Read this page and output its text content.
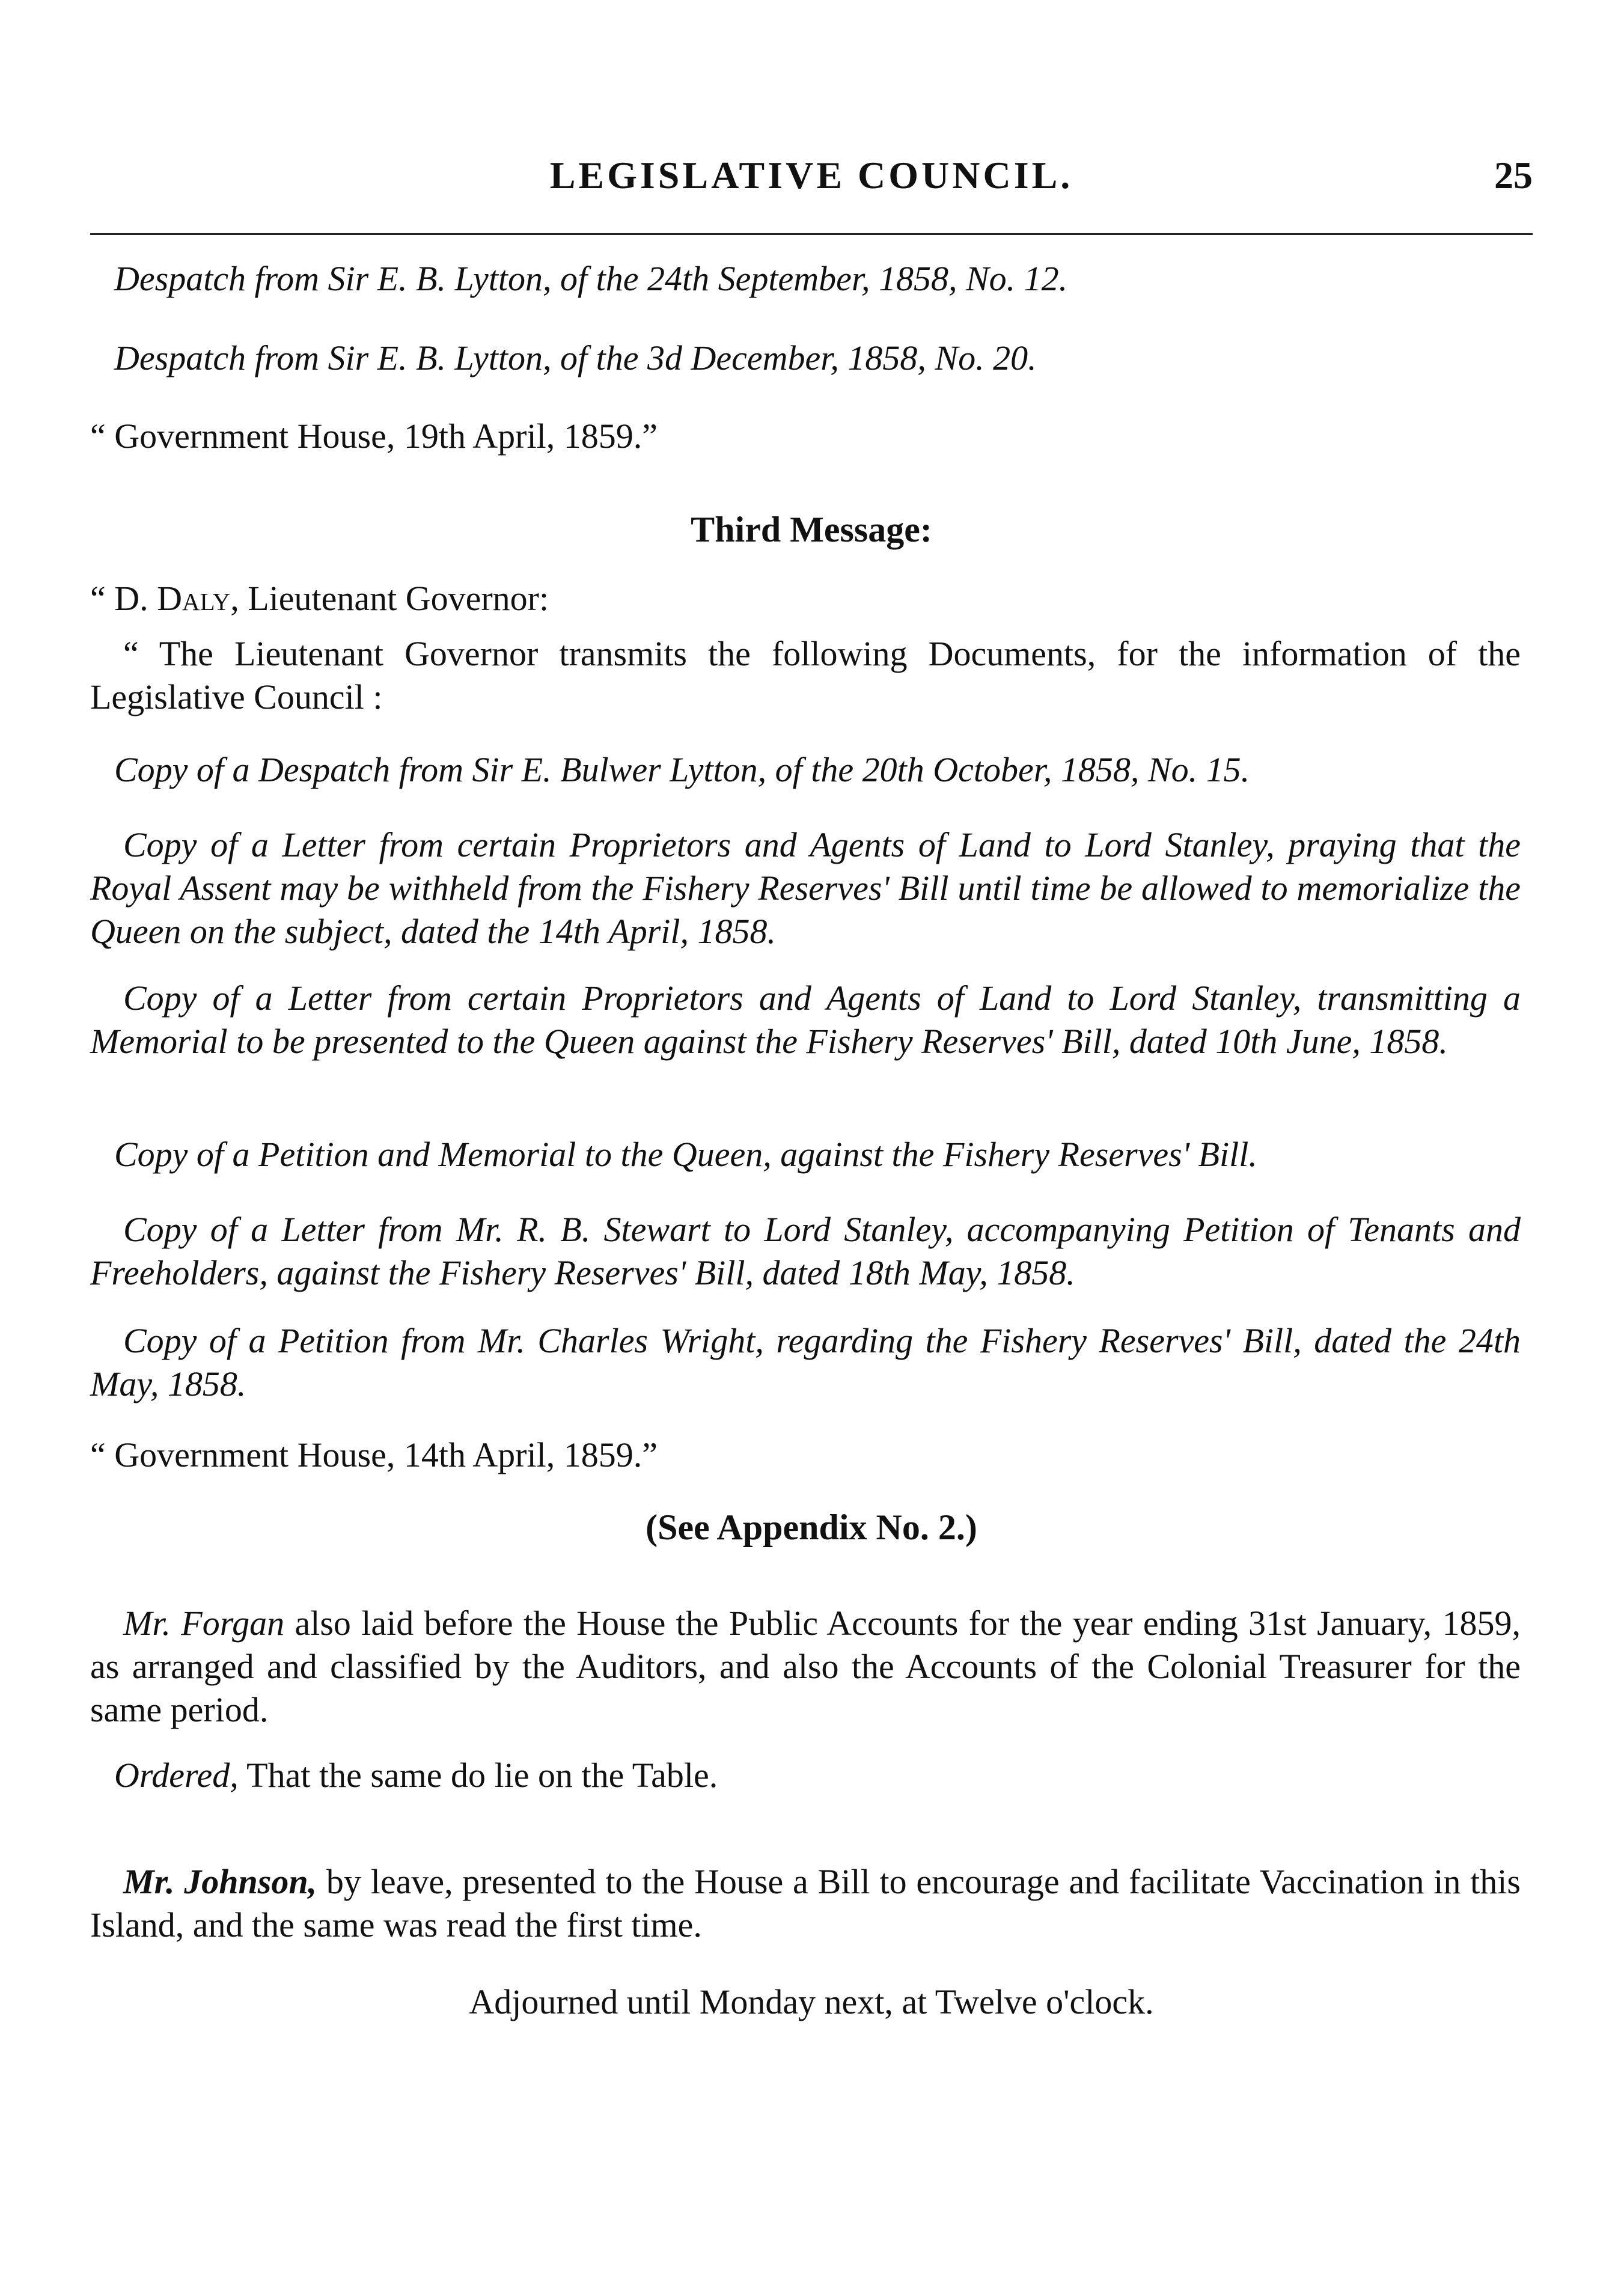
LEGISLATIVE COUNCIL.	25
Despatch from Sir E. B. Lytton, of the 24th September, 1858, No. 12.
Despatch from Sir E. B. Lytton, of the 3d December, 1858, No. 20.
“ Government House, 19th April, 1859.”
Third Message:
“ D. Daly, Lieutenant Governor:
“ The Lieutenant Governor transmits the following Documents, for the information of the Legislative Council :
Copy of a Despatch from Sir E. Bulwer Lytton, of the 20th October, 1858, No. 15.
Copy of a Letter from certain Proprietors and Agents of Land to Lord Stanley, praying that the Royal Assent may be withheld from the Fishery Reserves' Bill until time be allowed to memorialize the Queen on the subject, dated the 14th April, 1858.
Copy of a Letter from certain Proprietors and Agents of Land to Lord Stanley, transmitting a Memorial to be presented to the Queen against the Fishery Reserves' Bill, dated 10th June, 1858.
Copy of a Petition and Memorial to the Queen, against the Fishery Reserves' Bill.
Copy of a Letter from Mr. R. B. Stewart to Lord Stanley, accompanying Petition of Tenants and Freeholders, against the Fishery Reserves' Bill, dated 18th May, 1858.
Copy of a Petition from Mr. Charles Wright, regarding the Fishery Reserves' Bill, dated the 24th May, 1858.
“ Government House, 14th April, 1859.”
(See Appendix No. 2.)
Mr. Forgan also laid before the House the Public Accounts for the year ending 31st January, 1859, as arranged and classified by the Auditors, and also the Accounts of the Colonial Treasurer for the same period.
Ordered, That the same do lie on the Table.
Mr. Johnson, by leave, presented to the House a Bill to encourage and facilitate Vaccination in this Island, and the same was read the first time.
Adjourned until Monday next, at Twelve o'clock.
